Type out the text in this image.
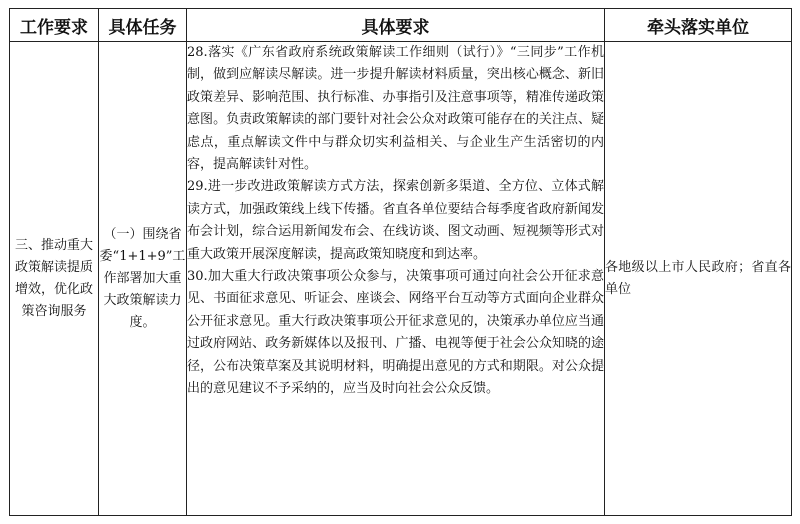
工作要求	具体任务	具体要求	牵头落实单位
三、推动重大政策解读提质增效，优化政策咨询服务	（一）围绕省委“1+1+9”工作部署加大重大政策解读力度。	28.落实《广东省政府系统政策解读工作细则（试行）》“三同步”工作机制，做到应解读尽解读。进一步提升解读材料质量，突出核心概念、新旧政策差异、影响范围、执行标准、办事指引及注意事项等，精准传递政策意图。负责政策解读的部门要针对社会公众对政策可能存在的关注点、疑虑点，重点解读文件中与群众切实利益相关、与企业生产生活密切的内容，提高解读针对性。

29.进一步改进政策解读方式方法，探索创新多渠道、全方位、立体式解读方式，加强政策线上线下传播。省直各单位要结合每季度省政府新闻发布会计划，综合运用新闻发布会、在线访谈、图文动画、短视频等形式对重大政策开展深度解读，提高政策知晓度和到达率。

30.加大重大行政决策事项公众参与，决策事项可通过向社会公开征求意见、书面征求意见、听证会、座谈会、网络平台互动等方式面向企业群众公开征求意见。重大行政决策事项公开征求意见的，决策承办单位应当通过政府网站、政务新媒体以及报刊、广播、电视等便于社会公众知晓的途径，公布决策草案及其说明材料，明确提出意见的方式和期限。对公众提出的意见建议不予采纳的，应当及时向社会公众反馈。	各地级以上市人民政府；省直各单位
